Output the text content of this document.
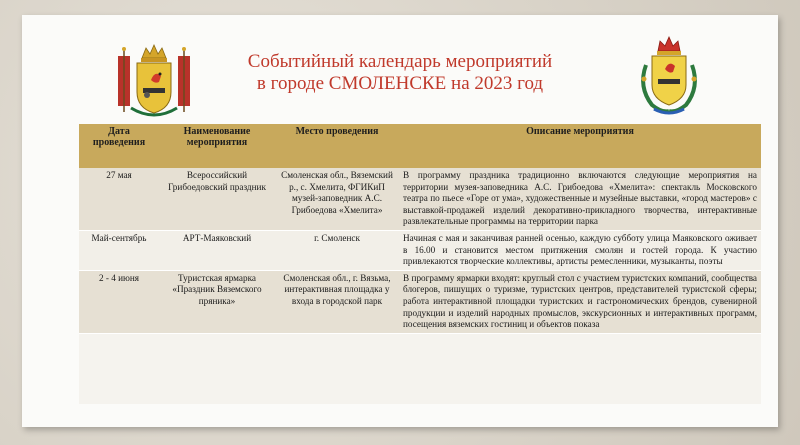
Событийный календарь мероприятий
в городе СМОЛЕНСКЕ на 2023 год
Дата проведения	Наименование мероприятия	Место проведения	Описание мероприятия
27 мая	Всероссийский Грибоедовский праздник	Смоленская обл., Вяземский р., с. Хмелита, ФГИКиП музей-заповедник А.С. Грибоедова «Хмелита»	В программу праздника традиционно включаются следующие мероприятия на территории музея-заповедника А.С. Грибоедова «Хмелита»: спектакль Московского театра по пьесе «Горе от ума», художественные и музейные выставки, «город мастеров» с выставкой-продажей изделий декоративно-прикладного творчества, интерактивные развлекательные программы на территории парка
Май-сентябрь	АРТ-Маяковский	г. Смоленск	Начиная с мая и заканчивая ранней осенью, каждую субботу улица Маяковского оживает в 16.00 и становится местом притяжения смолян и гостей города. К участию привлекаются творческие коллективы, артисты ремесленники, музыканты, поэты
2 - 4 июня	Туристская ярмарка «Праздник Вяземского пряника»	Смоленская обл., г. Вязьма, интерактивная площадка у входа в городской парк	В программу ярмарки входят: круглый стол с участием туристских компаний, сообщества блогеров, пишущих о туризме, туристских центров, представителей туристской сферы; работа интерактивной площадки туристских и гастрономических брендов, сувенирной продукции и изделий народных промыслов, экскурсионных и интерактивных программ, посещения вяземских гостиниц и объектов показа
